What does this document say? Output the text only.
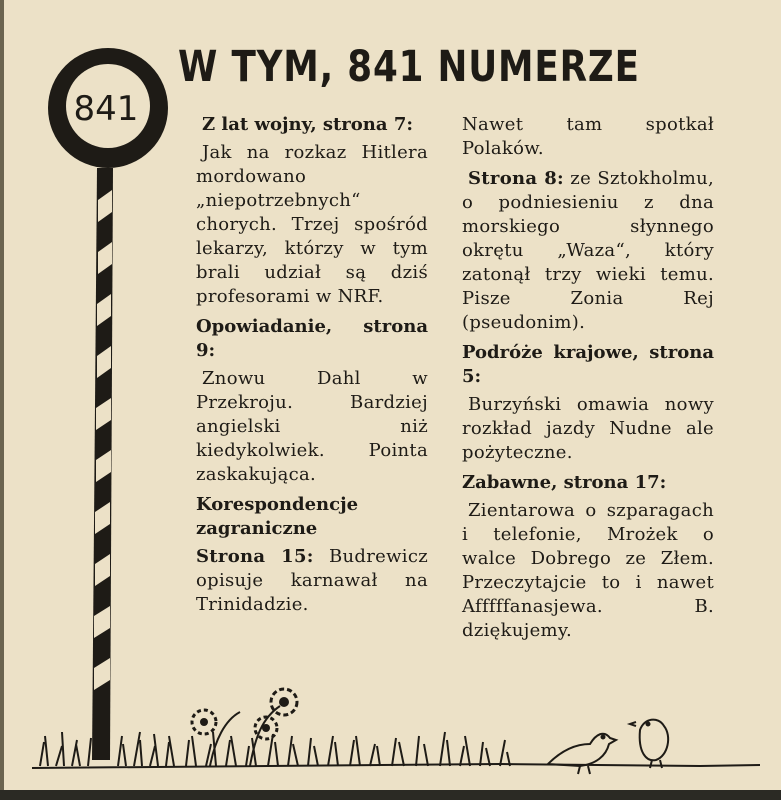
841
W TYM, 841 NUMERZE
Z lat wojny, strona 7:
Jak na rozkaz Hitlera mordowano „niepotrzebnych“ chorych. Trzej spośród lekarzy, którzy w tym brali udział są dziś profesorami w NRF.
Opowiadanie, strona 9:
Znowu Dahl w Przekroju. Bardziej angielski niż kiedykolwiek. Pointa zaskakująca.
Korespondencje zagraniczne
Strona 15: Budrewicz opisuje karnawał na Trinidadzie.
Nawet tam spotkał Polaków.
Strona 8: ze Sztokholmu, o podniesieniu z dna morskiego słynnego okrętu „Waza“, który zatonął trzy wieki temu. Pisze Zonia Rej (pseudonim).
Podróże krajowe, strona 5:
Burzyński omawia nowy rozkład jazdy Nudne ale pożyteczne.
Zabawne, strona 17:
Zientarowa o szparagach i telefonie, Mrożek o walce Dobrego ze Złem. Przeczytajcie to i nawet Afffffanasjewa. B. dziękujemy.
